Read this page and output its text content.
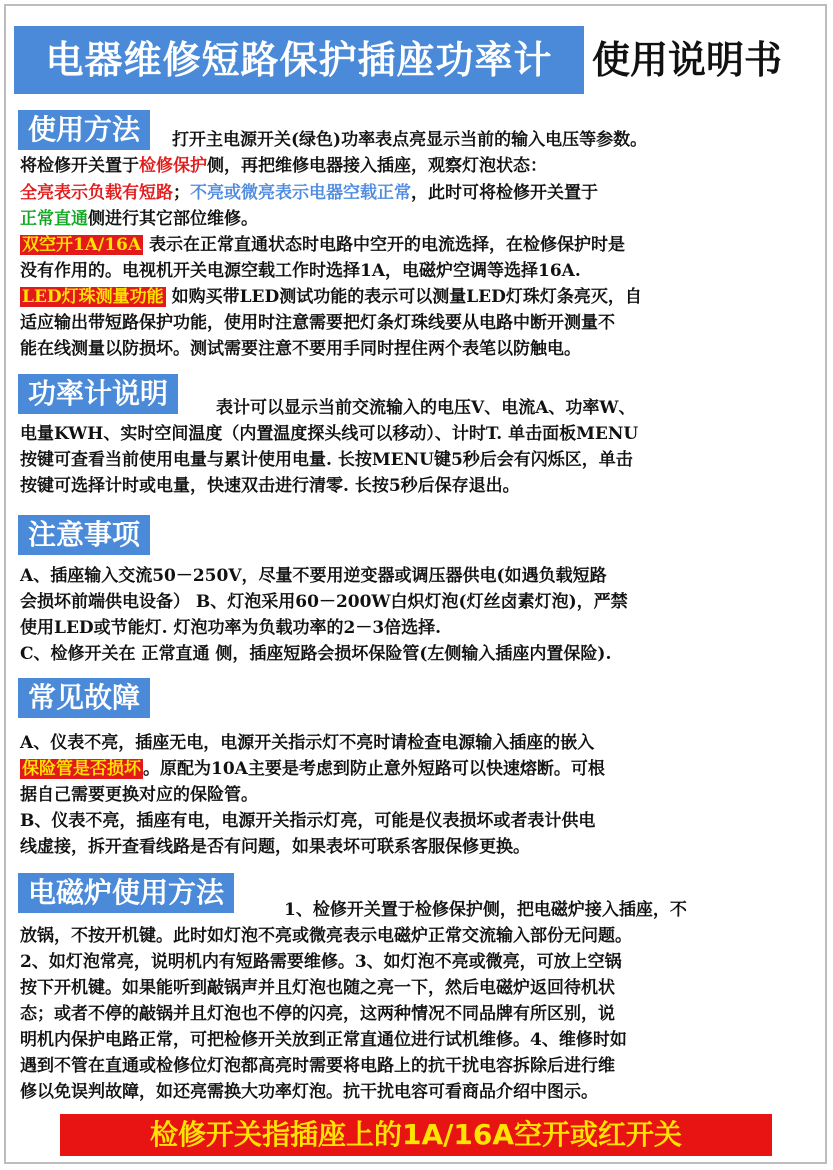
电器维修短路保护插座功率计	使用说明书
使用方法	打开主电源开关(绿色)功率表点亮显示当前的输入电压等参数。
将检修开关置于检修保护侧，再把维修电器接入插座，观察灯泡状态：
全亮表示负载有短路；不亮或微亮表示电器空载正常，此时可将检修开关置于
正常直通侧进行其它部位维修。
双空开1A/16A 表示在正常直通状态时电路中空开的电流选择，在检修保护时是
没有作用的。电视机开关电源空载工作时选择1A，电磁炉空调等选择16A.
LED灯珠测量功能 如购买带LED测试功能的表示可以测量LED灯珠灯条亮灭，自
适应输出带短路保护功能，使用时注意需要把灯条灯珠线要从电路中断开测量不
能在线测量以防损坏。测试需要注意不要用手同时捏住两个表笔以防触电。
功率计说明	表计可以显示当前交流输入的电压V、电流A、功率W、
电量KWH、实时空间温度（内置温度探头线可以移动）、计时T. 单击面板MENU
按键可查看当前使用电量与累计使用电量. 长按MENU键5秒后会有闪烁区，单击
按键可选择计时或电量，快速双击进行清零. 长按5秒后保存退出。
注意事项
A、插座输入交流50－250V，尽量不要用逆变器或调压器供电(如遇负载短路
会损坏前端供电设备） B、灯泡采用60－200W白炽灯泡(灯丝卤素灯泡)，严禁
使用LED或节能灯. 灯泡功率为负载功率的2－3倍选择.
C、检修开关在 正常直通 侧，插座短路会损坏保险管(左侧输入插座内置保险).
常见故障
A、仪表不亮，插座无电，电源开关指示灯不亮时请检查电源输入插座的嵌入
保险管是否损坏 。原配为10A主要是考虑到防止意外短路可以快速熔断。可根
据自己需要更换对应的保险管。
B、仪表不亮，插座有电，电源开关指示灯亮，可能是仪表损坏或者表计供电
线虚接，拆开查看线路是否有问题，如果表坏可联系客服保修更换。
电磁炉使用方法
1、检修开关置于检修保护侧，把电磁炉接入插座，不
放锅，不按开机键。此时如灯泡不亮或微亮表示电磁炉正常交流输入部份无问题。
2、如灯泡常亮，说明机内有短路需要维修。3、如灯泡不亮或微亮，可放上空锅
按下开机键。如果能听到敲锅声并且灯泡也随之亮一下，然后电磁炉返回待机状
态；或者不停的敲锅并且灯泡也不停的闪亮，这两种情况不同品牌有所区别，说
明机内保护电路正常，可把检修开关放到正常直通位进行试机维修。4、维修时如
遇到不管在直通或检修位灯泡都高亮时需要将电路上的抗干扰电容拆除后进行维
修以免误判故障，如还亮需换大功率灯泡。抗干扰电容可看商品介绍中图示。
检修开关指插座上的1A/16A空开或红开关
